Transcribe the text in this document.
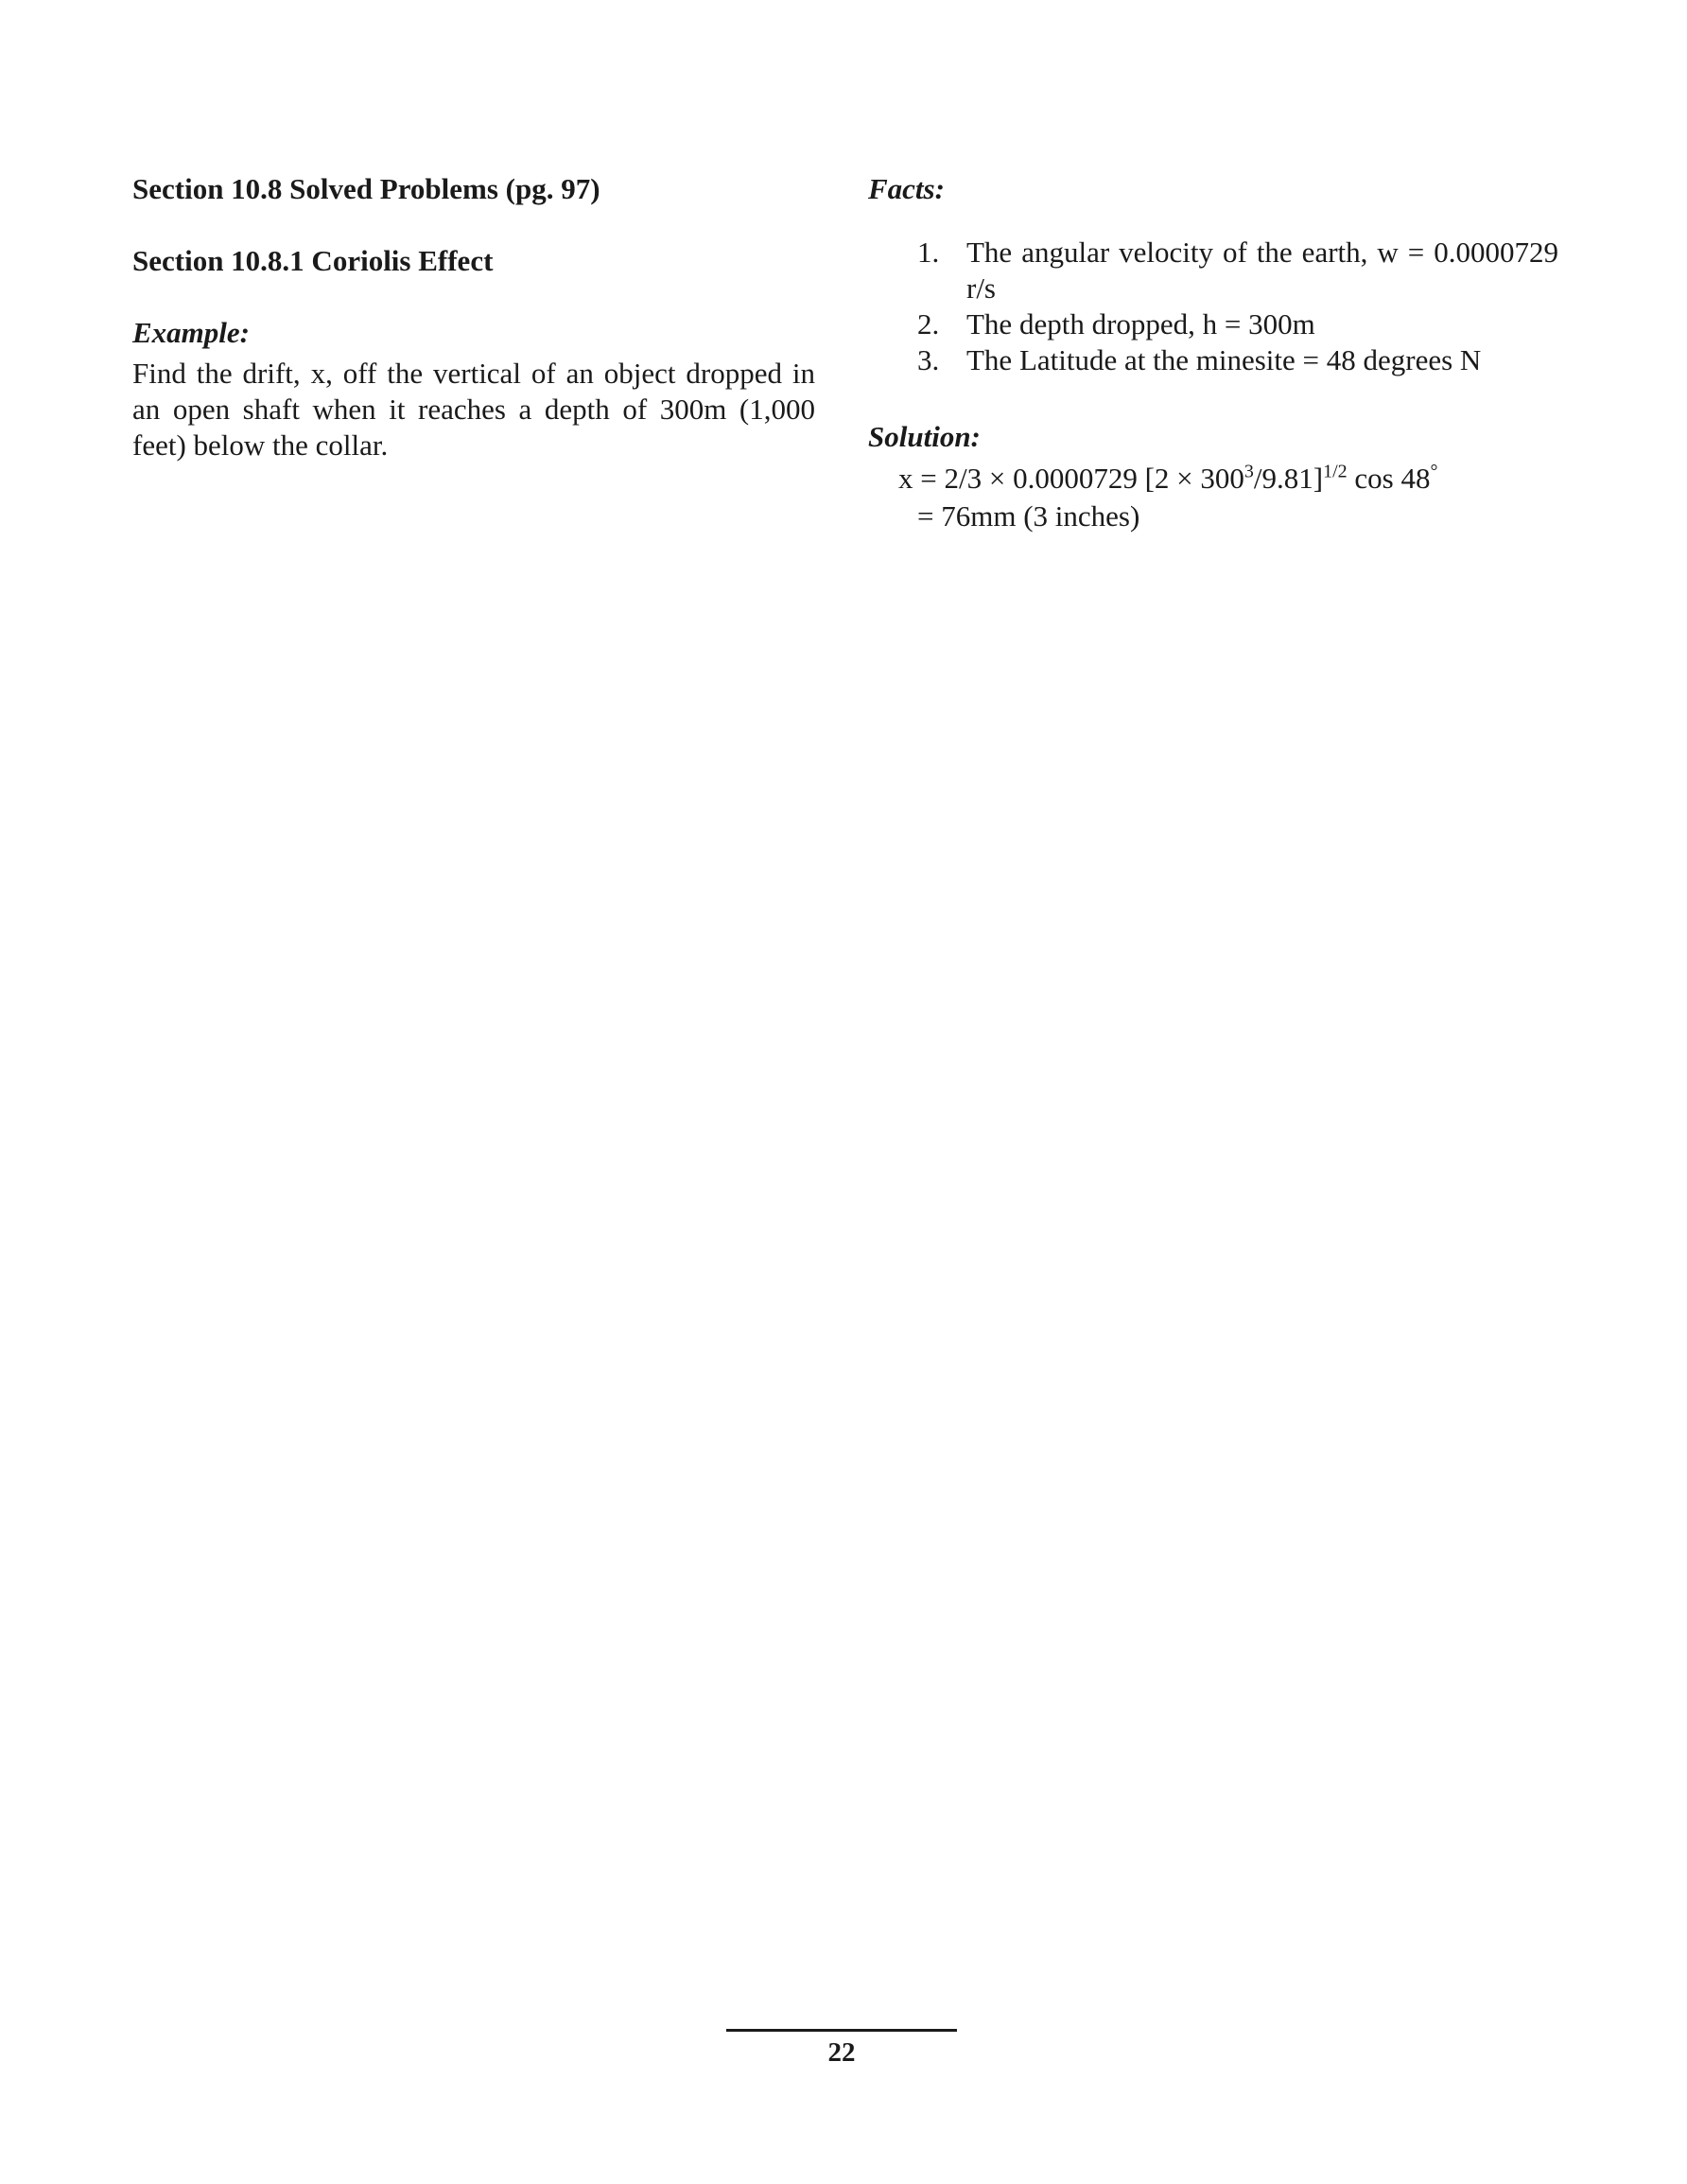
Section 10.8 Solved Problems (pg. 97)

Section 10.8.1 Coriolis Effect

Example:

Find the drift, x, off the vertical of an object dropped in an open shaft when it reaches a depth of 300m (1,000 feet) below the collar.

Facts:

1. The angular velocity of the earth, w = 0.0000729 r/s
2. The depth dropped, h = 300m
3. The Latitude at the minesite = 48 degrees N

Solution:

x = 2/3 × 0.0000729 $[2 \times 300^3/9.81]^{1/2}$ cos 48°
= 76mm (3 inches)
22
